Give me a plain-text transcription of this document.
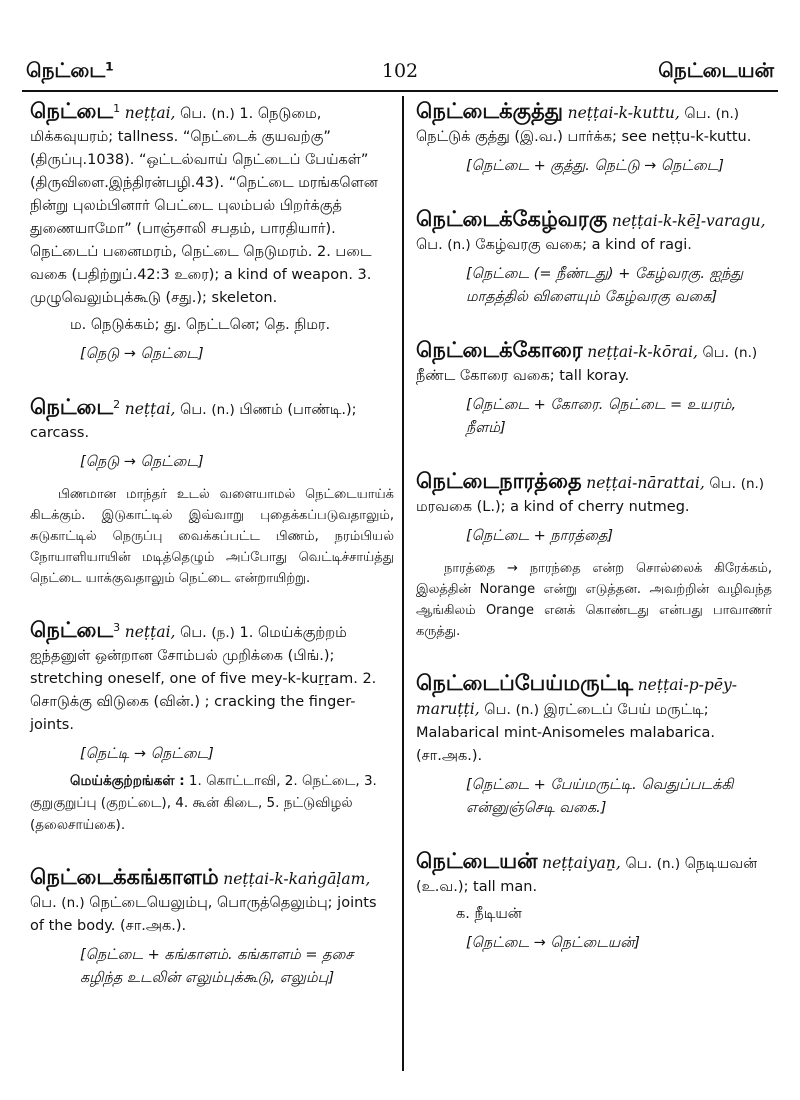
நெட்டை¹	102	நெட்டையன்
நெட்டை$^1$ neṭṭai, பெ. (n.) 1. நெடுமை, மிக்கவுயரம்; tallness. “நெட்டைக் குயவற்கு” (திருப்பு.1038). “ஒட்டல்வாய் நெட்டைப் பேய்கள்” (திருவிளை.இந்திரன்பழி.43). “நெட்டை மரங்களென நின்று புலம்பினார் பெட்டை புலம்பல் பிறர்க்குத் துணையாமோ” (பாஞ்சாலி சபதம், பாரதியார்). நெட்டைப் பனைமரம், நெட்டை நெடுமரம். 2. படை வகை (பதிற்றுப்.42:3 உரை); a kind of weapon. 3. முழுவெலும்புக்கூடு (சது.); skeleton.
ம. நெடுக்கம்; து. நெட்டனெ; தெ. நிமர.
[நெடு → நெட்டை]
நெட்டை$^2$ neṭṭai, பெ. (n.) பிணம் (பாண்டி.); carcass.
[நெடு → நெட்டை]
பிணமான மாந்தர் உடல் வளையாமல் நெட்டையாய்க் கிடக்கும். இடுகாட்டில் இவ்வாறு புதைக்கப்படுவதாலும், சுடுகாட்டில் நெருப்பு வைக்கப்பட்ட பிணம், நரம்பியல் நோயாளியாயின் மடித்தெழும் அப்போது வெட்டிச்சாய்த்து நெட்டை யாக்குவதாலும் நெட்டை என்றாயிற்று.
நெட்டை$^3$ neṭṭai, பெ. (ந.) 1. மெய்க்குற்றம் ஐந்தனுள் ஒன்றான சோம்பல் முறிக்கை (பிங்.); stretching oneself, one of five mey-k-kuṟṟam. 2. சொடுக்கு விடுகை (வின்.) ; cracking the finger-joints.
[நெட்டி → நெட்டை]
மெய்க்குற்றங்கள் : 1. கொட்டாவி, 2. நெட்டை, 3. குறுகுறுப்பு (குறட்டை), 4. கூன் கிடை, 5. நட்டுவிழல் (தலைசாய்கை).
நெட்டைக்கங்காளம் neṭṭai-k-kaṅgāḷam, பெ. (n.) நெட்டையெலும்பு, பொருத்தெலும்பு; joints of the body. (சா.அக.).
[நெட்டை + கங்காளம். கங்காளம் = தசை கழிந்த உடலின் எலும்புக்கூடு, எலும்பு]
நெட்டைக்குத்து neṭṭai-k-kuttu, பெ. (n.) நெட்டுக் குத்து (இ.வ.) பார்க்க; see neṭṭu-k-kuttu.
[நெட்டை + குத்து. நெட்டு → நெட்டை]
நெட்டைக்கேழ்வரகு neṭṭai-k-kēḻ-varagu, பெ. (n.) கேழ்வரகு வகை; a kind of ragi.
[நெட்டை (= நீண்டது) + கேழ்வரகு. ஐந்து மாதத்தில் விளையும் கேழ்வரகு வகை]
நெட்டைக்கோரை neṭṭai-k-kōrai, பெ. (n.) நீண்ட கோரை வகை; tall koray.
[நெட்டை + கோரை. நெட்டை = உயரம், நீளம்]
நெட்டைநாரத்தை neṭṭai-nārattai, பெ. (n.) மரவகை (L.); a kind of cherry nutmeg.
[நெட்டை + நாரத்தை]
நாரத்தை → நாரந்தை என்ற சொல்லைக் கிரேக்கம், இலத்தின் Norange என்று எடுத்தன. அவற்றின் வழிவந்த ஆங்கிலம் Orange எனக் கொண்டது என்பது பாவாணர் கருத்து.
நெட்டைப்பேய்மருட்டி neṭṭai-p-pēy-maruṭṭi, பெ. (n.) இரட்டைப் பேய் மருட்டி; Malabarical mint-Anisomeles malabarica. (சா.அக.).
[நெட்டை + பேய்மருட்டி. வெதுப்படக்கி என்னுஞ்செடி வகை.]
நெட்டையன் neṭṭaiyaṉ, பெ. (n.) நெடியவன் (உ.வ.); tall man.
க. நீடியன்
[நெட்டை → நெட்டையன்]
